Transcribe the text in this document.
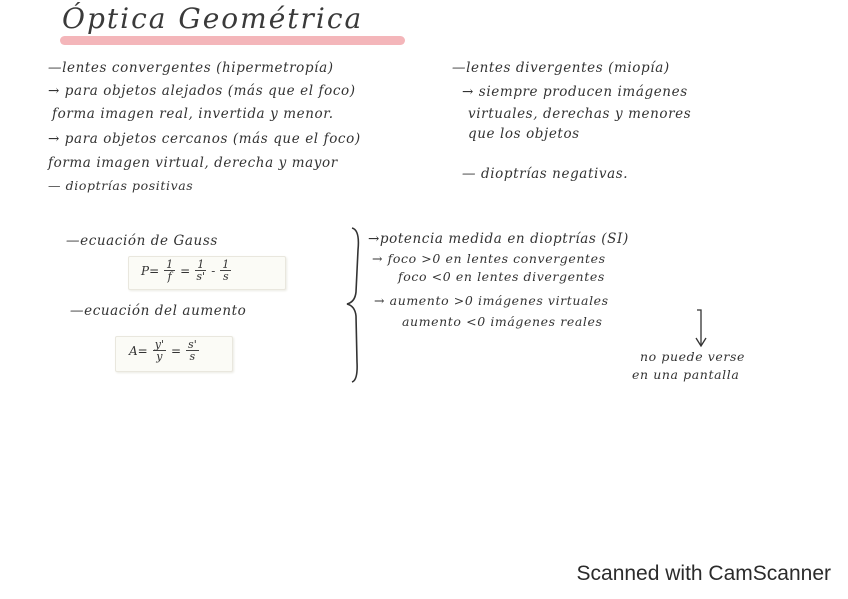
Óptica Geométrica
—lentes convergentes (hipermetropía)
→ para objetos alejados (más que el foco)
forma imagen real, invertida y menor.
→ para objetos cercanos (más que el foco)
forma imagen virtual, derecha y mayor
— dioptrías positivas
—lentes divergentes (miopía)
→ siempre producen imágenes
virtuales, derechas y menores
que los objetos
— dioptrías negativas.
—ecuación de Gauss
$P= \frac{1}{f} = \frac{1}{s'} - \frac{1}{s}$
—ecuación del aumento
$A= \frac{y'}{y} = \frac{s'}{s}$
→potencia medida en dioptrías (SI)
→ foco >0 en lentes convergentes
foco <0 en lentes divergentes
→ aumento >0 imágenes virtuales
aumento <0 imágenes reales
no puede verse
en una pantalla
Scanned with CamScanner
